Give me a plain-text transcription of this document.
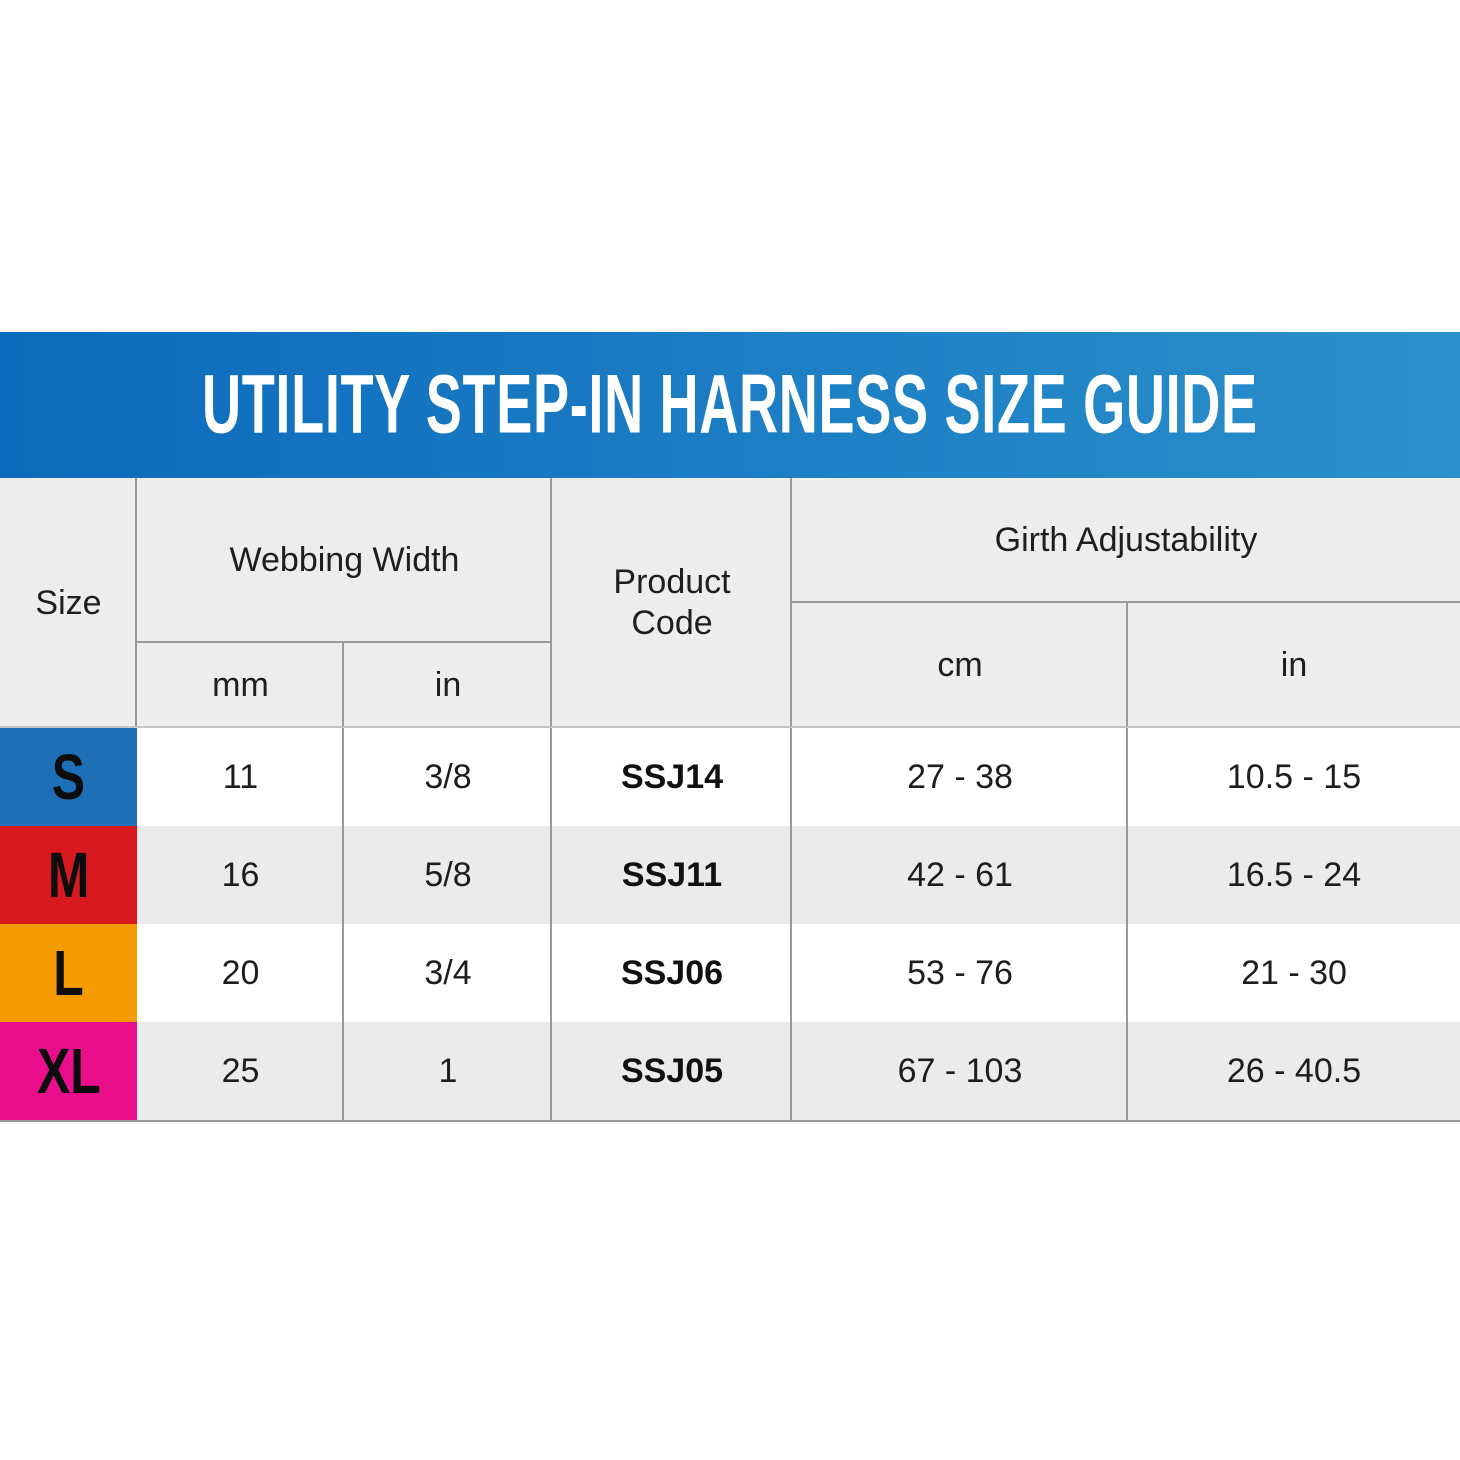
UTILITY STEP-IN HARNESS SIZE GUIDE
Size
Webbing Width
mm	in
Product Code
Girth Adjustability
cm	in
S	11	3/8	SSJ14	27 - 38	10.5 - 15
M	16	5/8	SSJ11	42 - 61	16.5 - 24
L	20	3/4	SSJ06	53 - 76	21 - 30
XL	25	1	SSJ05	67 - 103	26 - 40.5
